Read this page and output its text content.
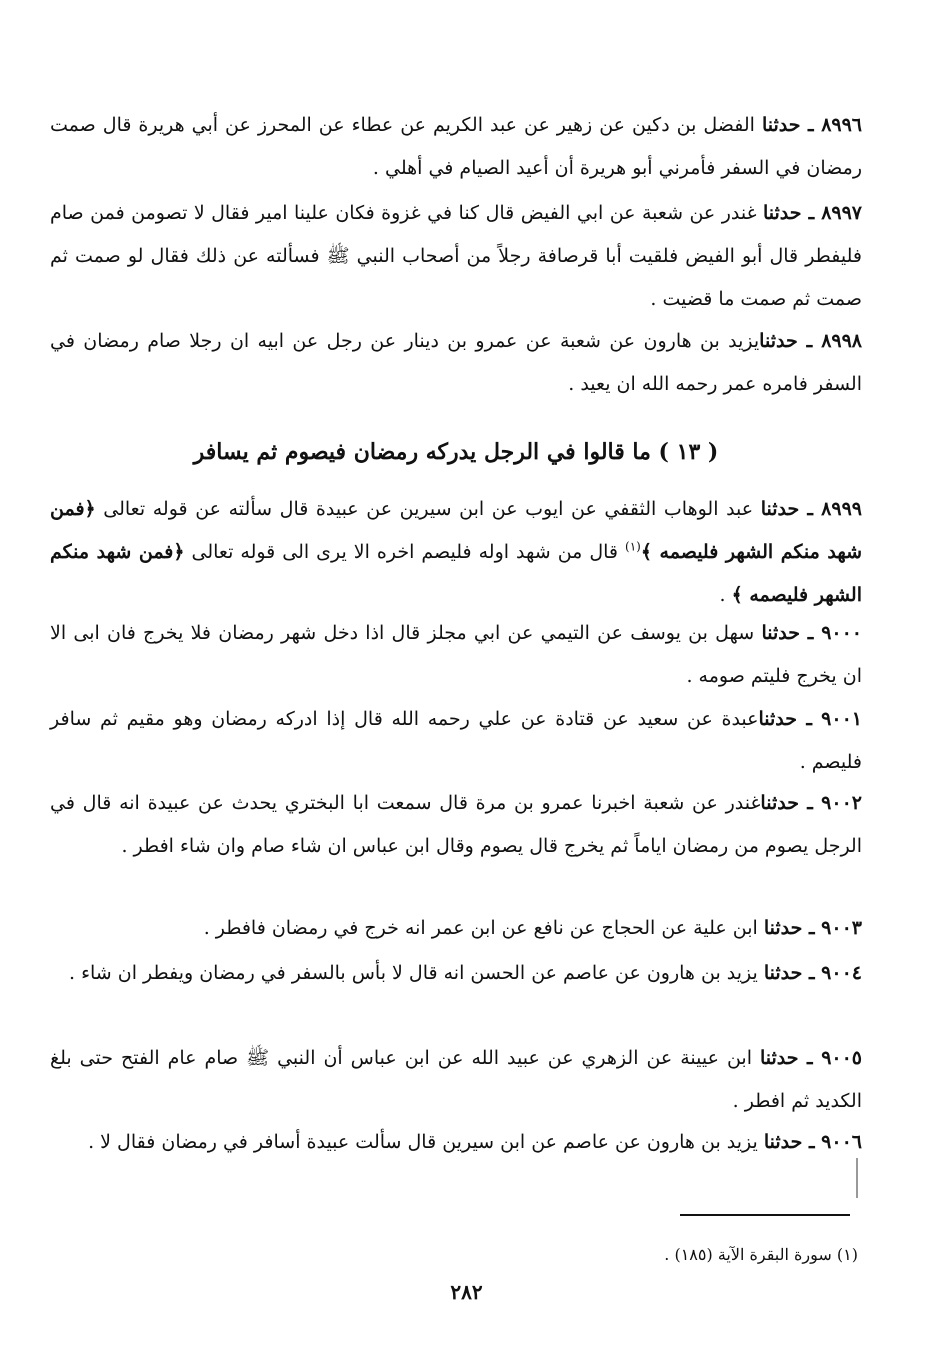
٨٩٩٦ ـ حدثنا الفضل بن دكين عن زهير عن عبد الكريم عن عطاء عن المحرز عن أبي هريرة قال صمت رمضان في السفر فأمرني أبو هريرة أن أعيد الصيام في أهلي .
٨٩٩٧ ـ حدثنا غندر عن شعبة عن ابي الفيض قال كنا في غزوة فكان علينا امير فقال لا تصومن فمن صام فليفطر قال أبو الفيض فلقيت أبا قرصافة رجلاً من أصحاب النبي ﷺ فسألته عن ذلك فقال لو صمت ثم صمت ثم صمت ما قضيت .
٨٩٩٨ ـ حدثنايزيد بن هارون عن شعبة عن عمرو بن دينار عن رجل عن ابيه ان رجلا صام رمضان في السفر فامره عمر رحمه الله ان يعيد .
( ١٣ ) ما قالوا في الرجل يدركه رمضان فيصوم ثم يسافر
٨٩٩٩ ـ حدثنا عبد الوهاب الثقفي عن ايوب عن ابن سيرين عن عبيدة قال سألته عن قوله تعالى ﴿فمن شهد منكم الشهر فليصمه ﴾$^{(١)}$ قال من شهد اوله فليصم اخره الا يرى الى قوله تعالى ﴿فمن شهد منكم الشهر فليصمه ﴾ .
٩٠٠٠ ـ حدثنا سهل بن يوسف عن التيمي عن ابي مجلز قال اذا دخل شهر رمضان فلا يخرج فان ابى الا ان يخرج فليتم صومه .
٩٠٠١ ـ حدثناعبدة عن سعيد عن قتادة عن علي رحمه الله قال إذا ادركه رمضان وهو مقيم ثم سافر فليصم .
٩٠٠٢ ـ حدثناغندر عن شعبة اخبرنا عمرو بن مرة قال سمعت ابا البختري يحدث عن عبيدة انه قال في الرجل يصوم من رمضان اياماً ثم يخرج قال يصوم وقال ابن عباس ان شاء صام وان شاء افطر .
٩٠٠٣ ـ حدثنا ابن علية عن الحجاج عن نافع عن ابن عمر انه خرج في رمضان فافطر .
٩٠٠٤ ـ حدثنا يزيد بن هارون عن عاصم عن الحسن انه قال لا بأس بالسفر في رمضان ويفطر ان شاء .
٩٠٠٥ ـ حدثنا ابن عيينة عن الزهري عن عبيد الله عن ابن عباس أن النبي ﷺ صام عام الفتح حتى بلغ الكديد ثم افطر .
٩٠٠٦ ـ حدثنا يزيد بن هارون عن عاصم عن ابن سيرين قال سألت عبيدة أسافر في رمضان فقال لا .
(١) سورة البقرة الآية (١٨٥) .
٢٨٢
